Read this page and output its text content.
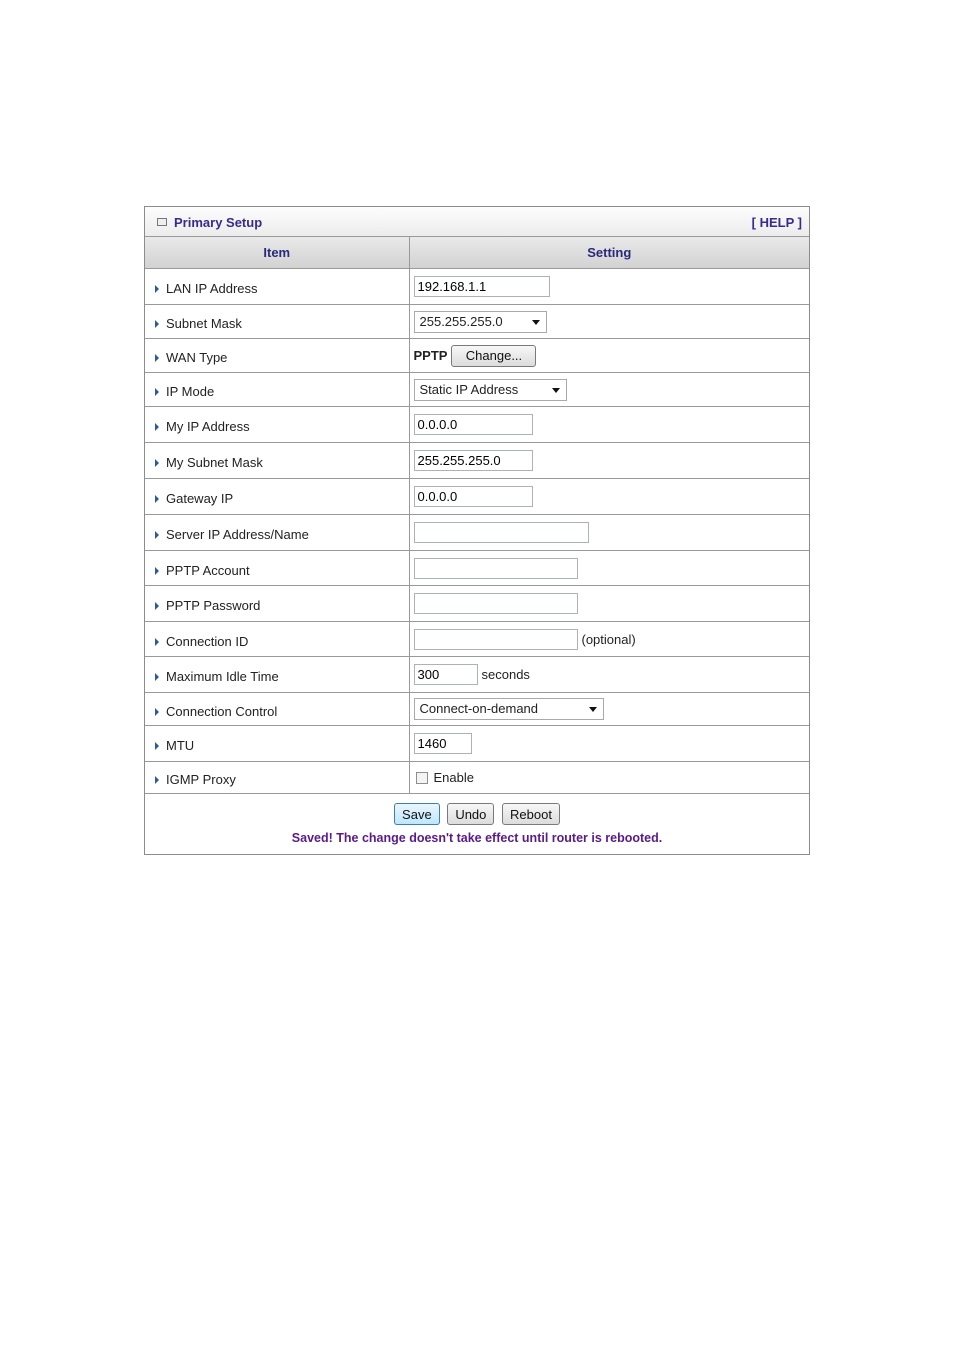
Primary Setup	[ HELP ]
Item	Setting
LAN IP Address	192.168.1.1
Subnet Mask	255.255.255.0

WAN Type	PPTP Change...
IP Mode	Static IP Address

My IP Address	0.0.0.0
My Subnet Mask	255.255.255.0
Gateway IP	0.0.0.0
Server IP Address/Name	
PPTP Account	
PPTP Password	
Connection ID	(optional)
Maximum Idle Time	300seconds
Connection Control	Connect-on-demand

MTU	1460
IGMP Proxy	Enable

Save Undo Reboot
Saved! The change doesn't take effect until router is rebooted.	
